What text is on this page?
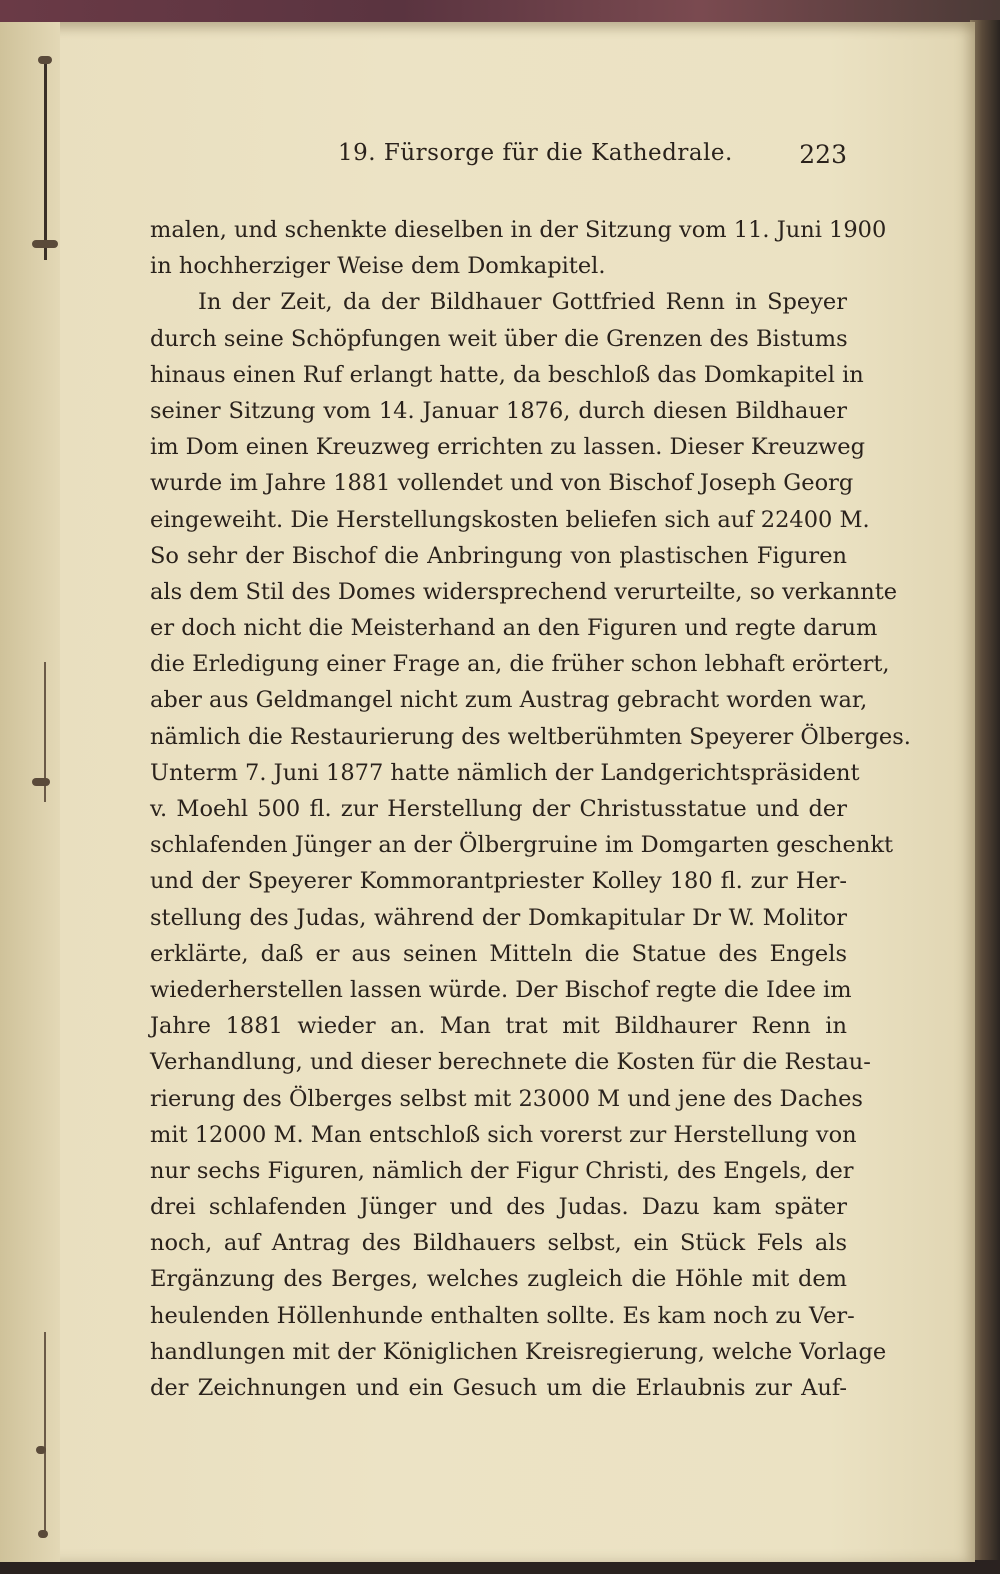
19. Fürsorge für die Kathedrale.	223
malen, und schenkte dieselben in der Sitzung vom 11. Juni 1900
in hochherziger Weise dem Domkapitel.
In der Zeit, da der Bildhauer Gottfried Renn in Speyer
durch seine Schöpfungen weit über die Grenzen des Bistums
hinaus einen Ruf erlangt hatte, da beschloß das Domkapitel in
seiner Sitzung vom 14. Januar 1876, durch diesen Bildhauer
im Dom einen Kreuzweg errichten zu lassen. Dieser Kreuzweg
wurde im Jahre 1881 vollendet und von Bischof Joseph Georg
eingeweiht. Die Herstellungskosten beliefen sich auf 22400 M.
So sehr der Bischof die Anbringung von plastischen Figuren
als dem Stil des Domes widersprechend verurteilte, so verkannte
er doch nicht die Meisterhand an den Figuren und regte darum
die Erledigung einer Frage an, die früher schon lebhaft erörtert,
aber aus Geldmangel nicht zum Austrag gebracht worden war,
nämlich die Restaurierung des weltberühmten Speyerer Ölberges.
Unterm 7. Juni 1877 hatte nämlich der Landgerichtspräsident
v. Moehl 500 fl. zur Herstellung der Christusstatue und der
schlafenden Jünger an der Ölbergruine im Domgarten geschenkt
und der Speyerer Kommorantpriester Kolley 180 fl. zur Her-
stellung des Judas, während der Domkapitular Dr W. Molitor
erklärte, daß er aus seinen Mitteln die Statue des Engels
wiederherstellen lassen würde. Der Bischof regte die Idee im
Jahre 1881 wieder an. Man trat mit Bildhaurer Renn in
Verhandlung, und dieser berechnete die Kosten für die Restau-
rierung des Ölberges selbst mit 23000 M und jene des Daches
mit 12000 M. Man entschloß sich vorerst zur Herstellung von
nur sechs Figuren, nämlich der Figur Christi, des Engels, der
drei schlafenden Jünger und des Judas. Dazu kam später
noch, auf Antrag des Bildhauers selbst, ein Stück Fels als
Ergänzung des Berges, welches zugleich die Höhle mit dem
heulenden Höllenhunde enthalten sollte. Es kam noch zu Ver-
handlungen mit der Königlichen Kreisregierung, welche Vorlage
der Zeichnungen und ein Gesuch um die Erlaubnis zur Auf-
